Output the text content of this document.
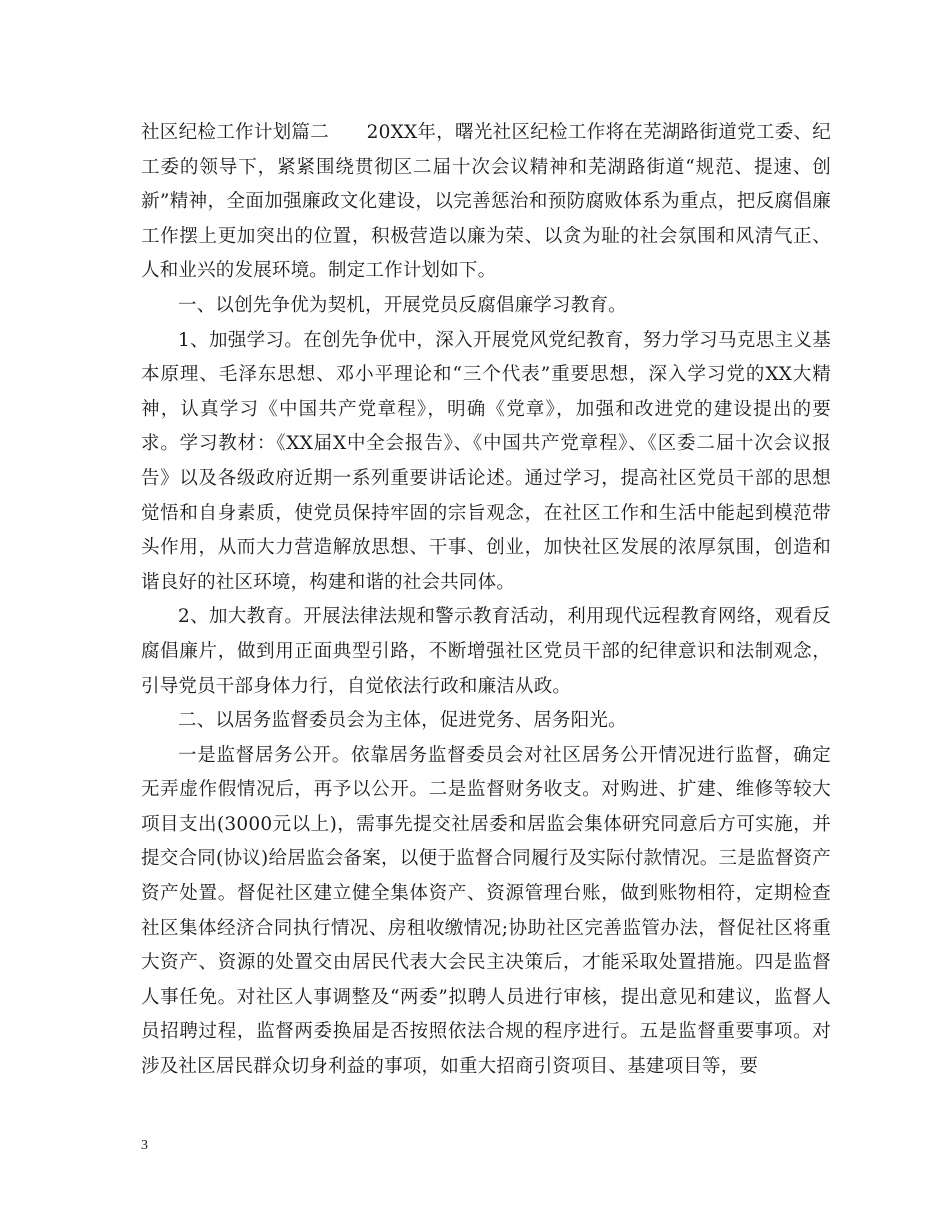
社区纪检工作计划篇二　　20XX年，曙光社区纪检工作将在芜湖路街道党工委、纪工委的领导下，紧紧围绕贯彻区二届十次会议精神和芜湖路街道“规范、提速、创新”精神，全面加强廉政文化建设，以完善惩治和预防腐败体系为重点，把反腐倡廉工作摆上更加突出的位置，积极营造以廉为荣、以贪为耻的社会氛围和风清气正、人和业兴的发展环境。制定工作计划如下。

一、以创先争优为契机，开展党员反腐倡廉学习教育。

1、加强学习。在创先争优中，深入开展党风党纪教育，努力学习马克思主义基本原理、毛泽东思想、邓小平理论和“三个代表”重要思想，深入学习党的XX大精神，认真学习《中国共产党章程》，明确《党章》，加强和改进党的建设提出的要求。学习教材：《XX届X中全会报告》、《中国共产党章程》、《区委二届十次会议报告》以及各级政府近期一系列重要讲话论述。通过学习，提高社区党员干部的思想觉悟和自身素质，使党员保持牢固的宗旨观念，在社区工作和生活中能起到模范带头作用，从而大力营造解放思想、干事、创业，加快社区发展的浓厚氛围，创造和谐良好的社区环境，构建和谐的社会共同体。

2、加大教育。开展法律法规和警示教育活动，利用现代远程教育网络，观看反腐倡廉片，做到用正面典型引路，不断增强社区党员干部的纪律意识和法制观念，引导党员干部身体力行，自觉依法行政和廉洁从政。

二、以居务监督委员会为主体，促进党务、居务阳光。

一是监督居务公开。依靠居务监督委员会对社区居务公开情况进行监督，确定无弄虚作假情况后，再予以公开。二是监督财务收支。对购进、扩建、维修等较大项目支出(3000元以上)，需事先提交社居委和居监会集体研究同意后方可实施，并提交合同(协议)给居监会备案，以便于监督合同履行及实际付款情况。三是监督资产资产处置。督促社区建立健全集体资产、资源管理台账，做到账物相符，定期检查社区集体经济合同执行情况、房租收缴情况;协助社区完善监管办法，督促社区将重大资产、资源的处置交由居民代表大会民主决策后，才能采取处置措施。四是监督人事任免。对社区人事调整及“两委”拟聘人员进行审核，提出意见和建议，监督人员招聘过程，监督两委换届是否按照依法合规的程序进行。五是监督重要事项。对涉及社区居民群众切身利益的事项，如重大招商引资项目、基建项目等，要

3
